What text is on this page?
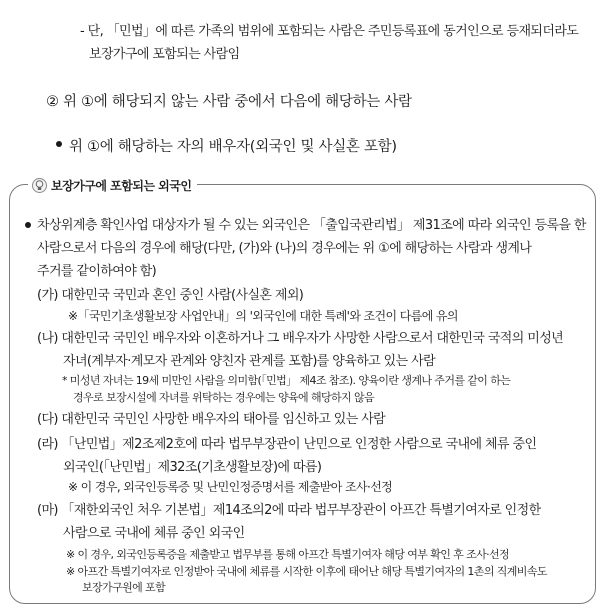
- 단, 「민법」에 따른 가족의 범위에 포함되는 사람은 주민등록표에 동거인으로 등재되더라도
보장가구에 포함되는 사람임
② 위 ①에 해당되지 않는 사람 중에서 다음에 해당하는 사람
위 ①에 해당하는 자의 배우자(외국인 및 사실혼 포함)
보장가구에 포함되는 외국인
차상위계층 확인사업 대상자가 될 수 있는 외국인은 「출입국관리법」 제31조에 따라 외국인 등록을 한
사람으로서 다음의 경우에 해당(다만, (가)와 (나)의 경우에는 위 ①에 해당하는 사람과 생계나
주거를 같이하여야 함)
(가) 대한민국 국민과 혼인 중인 사람(사실혼 제외)
※「국민기초생활보장 사업안내」의 '외국인에 대한 특례'와 조건이 다름에 유의
(나) 대한민국 국민인 배우자와 이혼하거나 그 배우자가 사망한 사람으로서 대한민국 국적의 미성년
자녀(계부자·계모자 관계와 양친자 관계를 포함)를 양육하고 있는 사람
* 미성년 자녀는 19세 미만인 사람을 의미함(「민법」 제4조 참조). 양육이란 생계나 주거를 같이 하는
경우로 보장시설에 자녀를 위탁하는 경우에는 양육에 해당하지 않음
(다) 대한민국 국민인 사망한 배우자의 태아를 임신하고 있는 사람
(라) 「난민법」제2조제2호에 따라 법무부장관이 난민으로 인정한 사람으로 국내에 체류 중인
외국인(「난민법」제32조(기초생활보장)에 따름)
※ 이 경우, 외국인등록증 및 난민인정증명서를 제출받아 조사·선정
(마) 「재한외국인 처우 기본법」제14조의2에 따라 법무부장관이 아프간 특별기여자로 인정한
사람으로 국내에 체류 중인 외국인
※ 이 경우, 외국인등록증을 제출받고 법무부를 통해 아프간 특별기여자 해당 여부 확인 후 조사·선정
※ 아프간 특별기여자로 인정받아 국내에 체류를 시작한 이후에 태어난 해당 특별기여자의 1촌의 직계비속도
보장가구원에 포함
